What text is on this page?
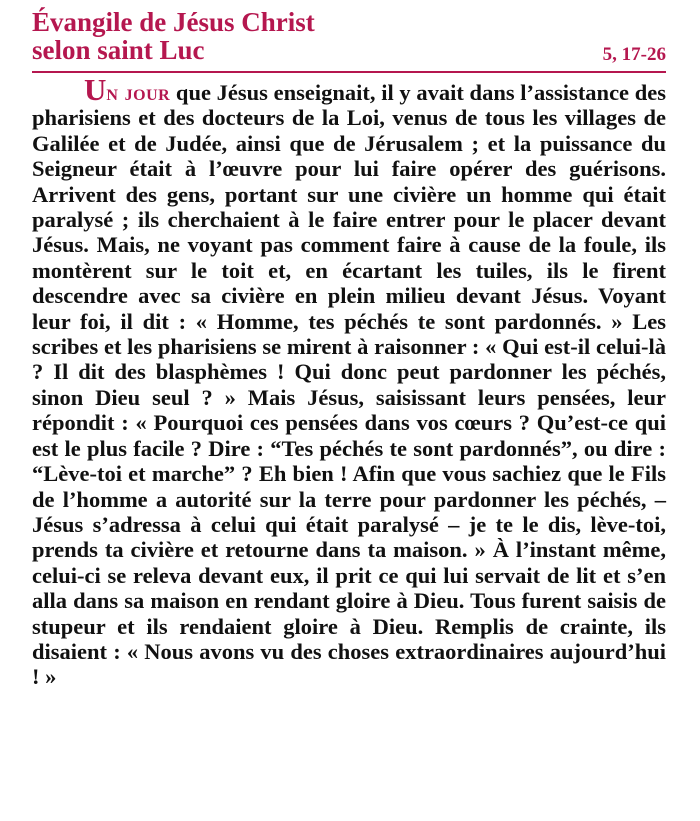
Évangile de Jésus Christ
selon saint Luc	5, 17-26

Un jour que Jésus enseignait, il y avait dans l’assistance des pharisiens et des docteurs de la Loi, venus de tous les villages de Galilée et de Judée, ainsi que de Jérusalem ; et la puissance du Seigneur était à l’œuvre pour lui faire opérer des guérisons. Arrivent des gens, portant sur une civière un homme qui était paralysé ; ils cherchaient à le faire entrer pour le placer devant Jésus. Mais, ne voyant pas comment faire à cause de la foule, ils montèrent sur le toit et, en écartant les tuiles, ils le firent descendre avec sa civière en plein milieu devant Jésus. Voyant leur foi, il dit : « Homme, tes péchés te sont pardonnés. » Les scribes et les pharisiens se mirent à raisonner : « Qui est-il celui-là ? Il dit des blasphèmes ! Qui donc peut pardonner les péchés, sinon Dieu seul ? » Mais Jésus, saisissant leurs pensées, leur répondit : « Pourquoi ces pensées dans vos cœurs ? Qu’est-ce qui est le plus facile ? Dire : “Tes péchés te sont pardonnés”, ou dire : “Lève-toi et marche” ? Eh bien ! Afin que vous sachiez que le Fils de l’homme a autorité sur la terre pour pardonner les péchés, – Jésus s’adressa à celui qui était paralysé – je te le dis, lève-toi, prends ta civière et retourne dans ta maison. » À l’instant même, celui-ci se releva devant eux, il prit ce qui lui servait de lit et s’en alla dans sa maison en rendant gloire à Dieu. Tous furent saisis de stupeur et ils rendaient gloire à Dieu. Remplis de crainte, ils disaient : « Nous avons vu des choses extraordinaires aujourd’hui ! »
